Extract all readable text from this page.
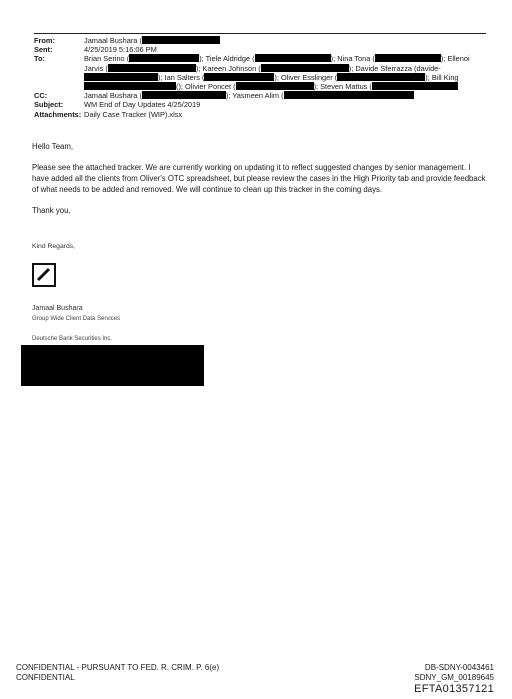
From:	Jamaal Bushara (
Sent:	4/25/2019 5:16:06 PM
To:	Brian Serino (	); Tiele Aldridge (	); Nina Tona (	); Ellenoi
Jarvis (	); Kareen Johnson (	); Davide Sferrazza (davide-
); Ian Salters (	); Oliver Esslinger (	); Bill King
(); Olivier Poncet (	); Steven Mattus (
CC:	Jamaal Bushara (	); Yasmeen Alim (
Subject:	WM End of Day Updates 4/25/2019
Attachments: Daily Case Tracker (WIP).xlsx

Hello Team,

Please see the attached tracker. We are currently working on updating it to reflect suggested changes by senior management. I have added all the clients from Oliver's OTC spreadsheet, but please review the cases in the High Priority tab and provide feedback of what needs to be added and removed. We will continue to clean up this tracker in the coming days.

Thank you,

Kind Regards,
Jamaal Bushara
Group Wide Client Data Services
Deutsche Bank Securities Inc.
CONFIDENTIAL - PURSUANT TO FED. R. CRIM. P. 6(e)
CONFIDENTIAL
DB-SDNY-0043461
SDNY_GM_00189645
EFTA01357121
